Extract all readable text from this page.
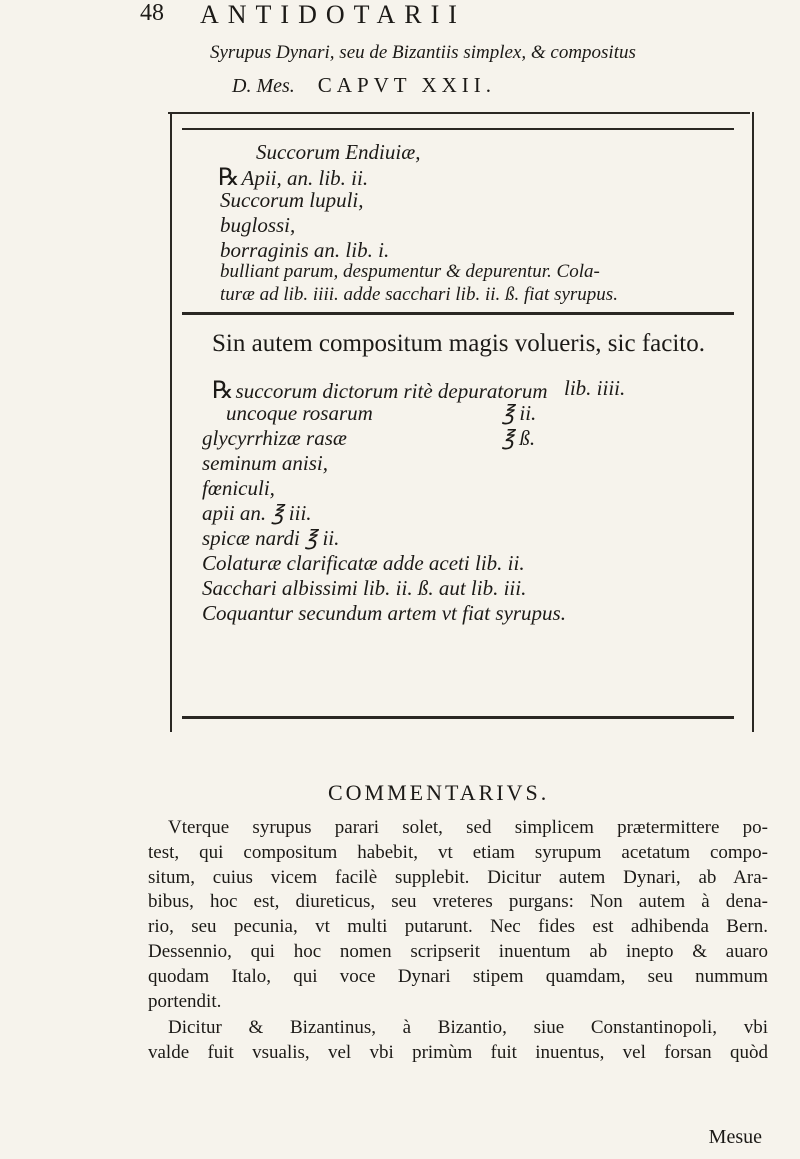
48 ANTIDOTARII
Syrupus Dynari, seu de Bizantiis simplex, & compositus
D. Mes. CAPVT XXII.
Succorum Endiuiæ,
℞Apii, an. lib. ii.
Succorum lupuli,
buglossi,
borraginis an. lib. i.
bulliant parum, despumentur & depurentur. Cola-
turæ ad lib. iiii. adde sacchari lib. ii. ß. fiat syrupus.
Sin autem compositum magis volueris, sic facito.
℞succorum dictorum ritè depuratorum
uncoque rosarum
glycyrrhizæ rasæ
seminum anisi,
fœniculi,
apii an. ℥ iii.
spicæ nardi ℥ ii.
Colaturæ clarificatæ adde aceti lib. ii.
Sacchari albissimi lib. ii. ß. aut lib. iii.
Coquantur secundum artem vt fiat syrupus.
lib. iiii.
℥ ii.
℥ ß.
COMMENTARIVS.
Vterque syrupus parari solet, sed simplicem prætermittere po-
test, qui compositum habebit, vt etiam syrupum acetatum compo-
situm, cuius vicem facilè supplebit. Dicitur autem Dynari, ab Ara-
bibus, hoc est, diureticus, seu vreteres purgans: Non autem à dena-
rio, seu pecunia, vt multi putarunt. Nec fides est adhibenda Bern.
Dessennio, qui hoc nomen scripserit inuentum ab inepto & auaro
quodam Italo, qui voce Dynari stipem quamdam, seu nummum
portendit.
Dicitur & Bizantinus, à Bizantio, siue Constantinopoli, vbi
valde fuit vsualis, vel vbi primùm fuit inuentus, vel forsan quòd
Mesue
